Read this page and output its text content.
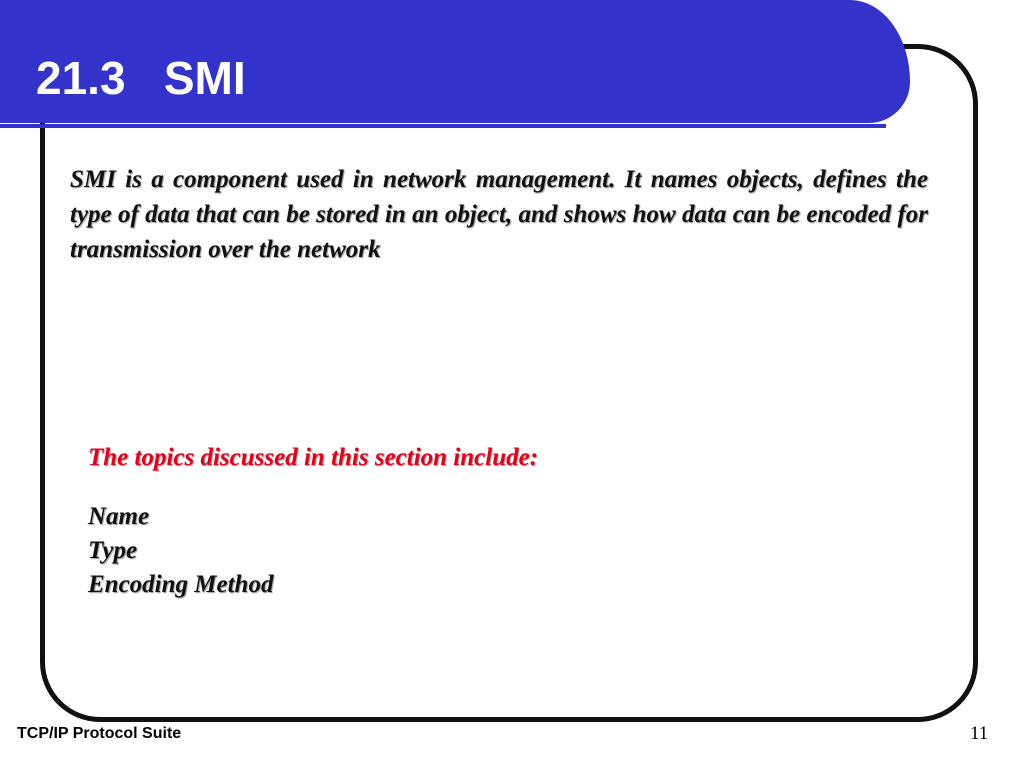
21.3   SMI

SMI is a component used in network management. It names objects, defines the type of data that can be stored in an object, and shows how data can be encoded for transmission over the network

The topics discussed in this section include:

Name
Type
Encoding Method
TCP/IP Protocol Suite	11
